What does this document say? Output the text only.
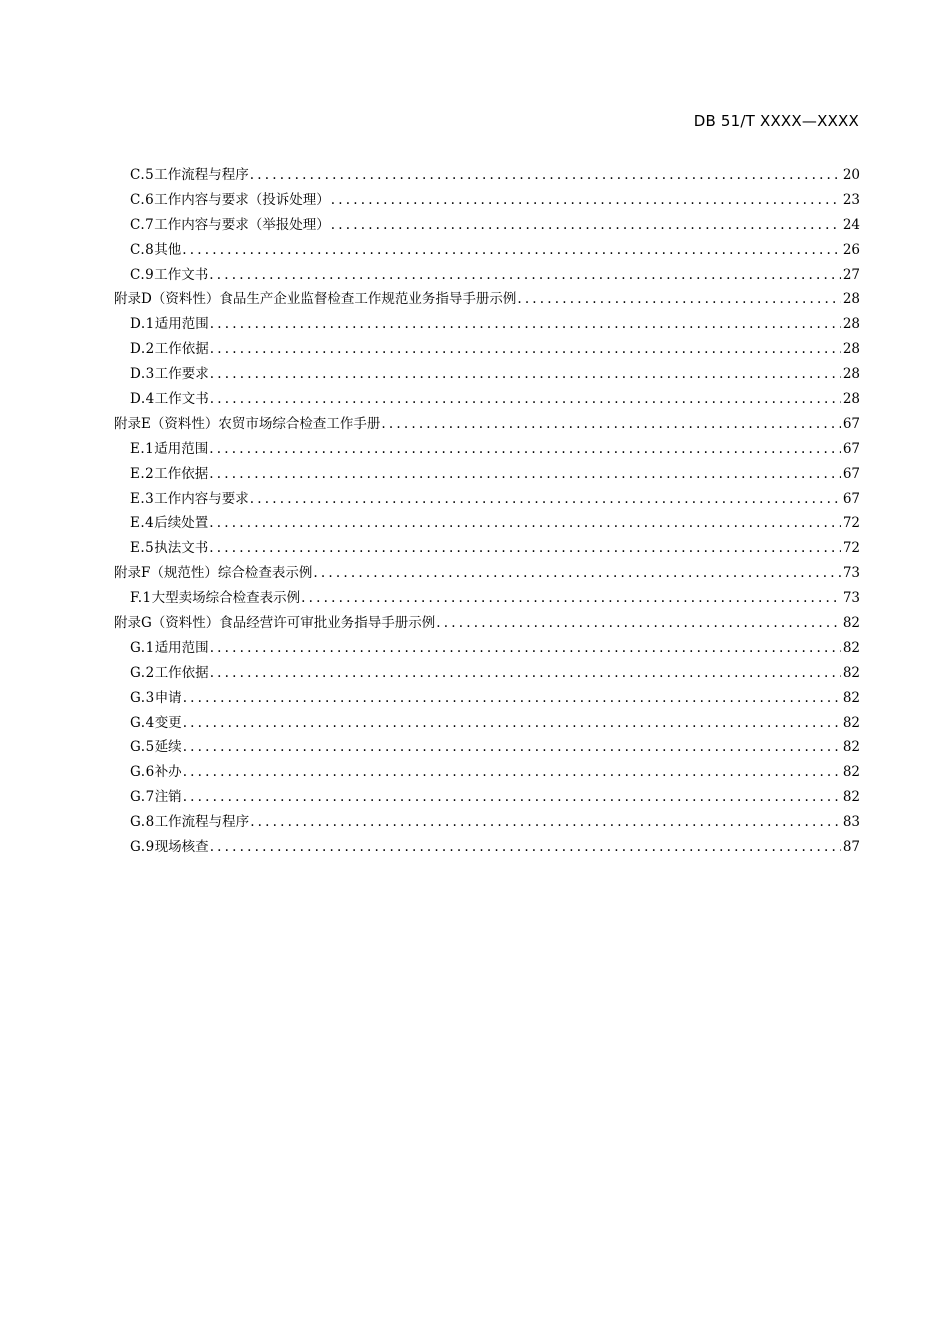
DB 51/T XXXX—XXXX
C.5 工作流程与程序 .....	20
C.6 工作内容与要求（投诉处理） .....	23
C.7 工作内容与要求（举报处理） .....	24
C.8 其他 .....	26
C.9 工作文书 .....	27
附录D（资料性） 食品生产企业监督检查工作规范业务指导手册示例 .....	28
D.1 适用范围 .....	28
D.2 工作依据 .....	28
D.3 工作要求 .....	28
D.4 工作文书 .....	28
附录E（资料性） 农贸市场综合检查工作手册 .....	67
E.1 适用范围 .....	67
E.2 工作依据 .....	67
E.3 工作内容与要求 .....	67
E.4 后续处置 .....	72
E.5 执法文书 .....	72
附录F（规范性） 综合检查表示例 .....	73
F.1 大型卖场综合检查表示例 .....	73
附录G（资料性） 食品经营许可审批业务指导手册示例 .....	82
G.1 适用范围 .....	82
G.2 工作依据 .....	82
G.3 申请 .....	82
G.4 变更 .....	82
G.5 延续 .....	82
G.6 补办 .....	82
G.7 注销 .....	82
G.8 工作流程与程序 .....	83
G.9 现场核查 .....	87
